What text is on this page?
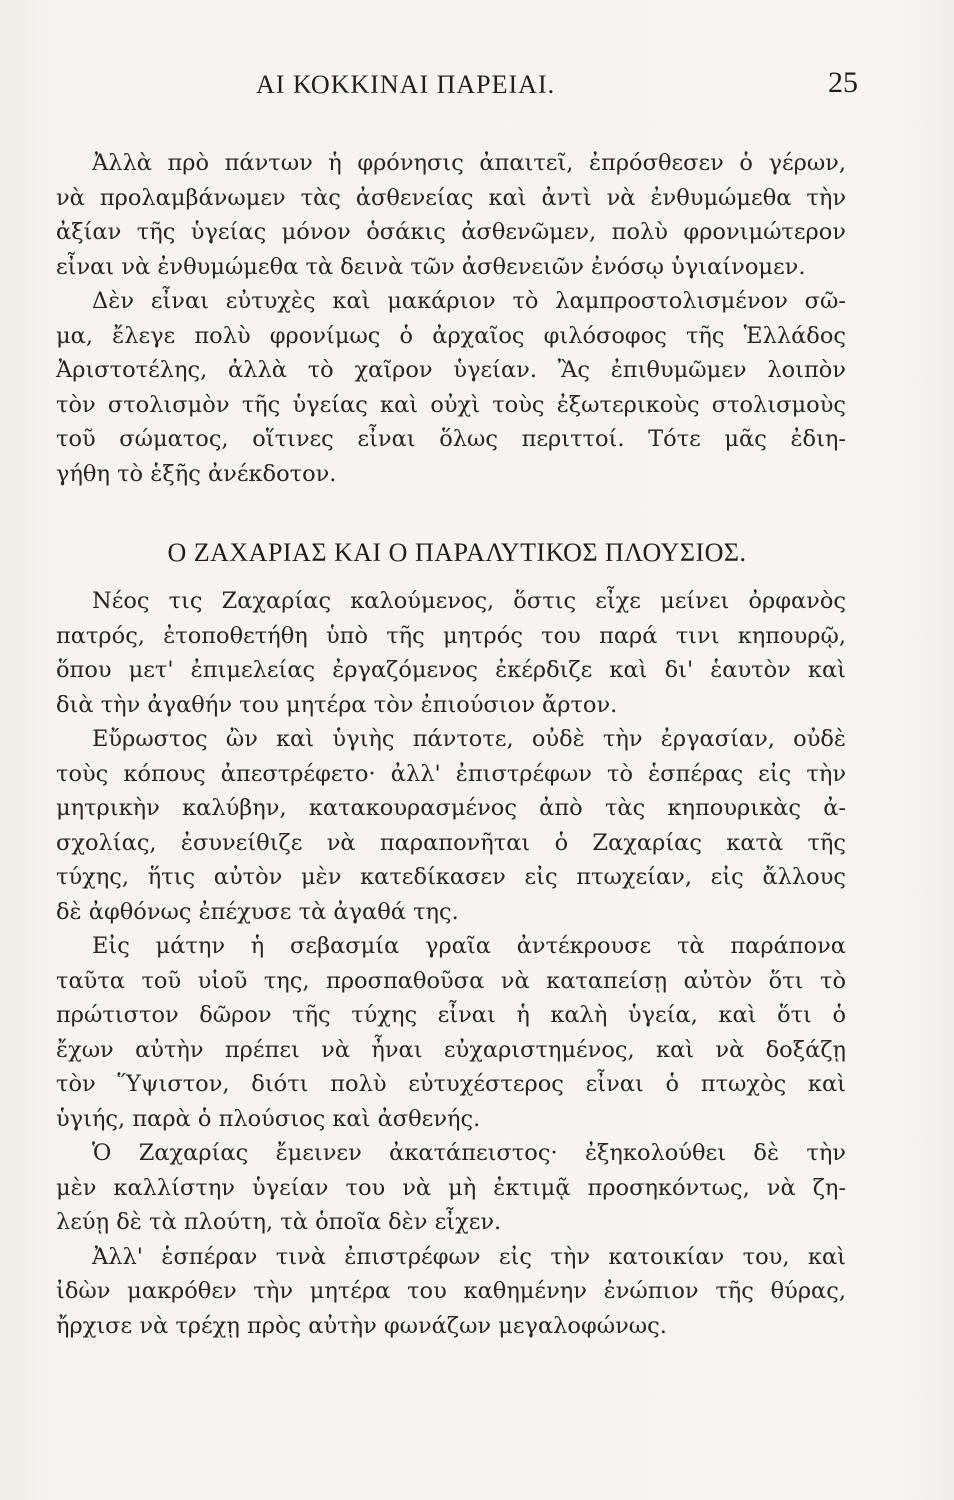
ΑΙ ΚΟΚΚΙΝΑΙ ΠΑΡΕΙΑΙ.	25
Ἀλλὰ πρὸ πάντων ἡ φρόνησις ἀπαιτεῖ, ἐπρόσθεσεν ὁ γέρων,
νὰ προλαμβάνωμεν τὰς ἀσθενείας καὶ ἀντὶ νὰ ἐνθυμώμεθα τὴν
ἀξίαν τῆς ὑγείας μόνον ὁσάκις ἀσθενῶμεν, πολὺ φρονιμώτερον
εἶναι νὰ ἐνθυμώμεθα τὰ δεινὰ τῶν ἀσθενειῶν ἐνόσῳ ὑγιαίνομεν.
Δὲν εἶναι εὐτυχὲς καὶ μακάριον τὸ λαμπροστολισμένον σῶ-
μα, ἔλεγε πολὺ φρονίμως ὁ ἀρχαῖος φιλόσοφος τῆς Ἑλλάδος
Ἀριστοτέλης, ἀλλὰ τὸ χαῖρον ὑγείαν. Ἂς ἐπιθυμῶμεν λοιπὸν
τὸν στολισμὸν τῆς ὑγείας καὶ οὐχὶ τοὺς ἐξωτερικοὺς στολισμοὺς
τοῦ σώματος, οἵτινες εἶναι ὅλως περιττοί. Τότε μᾶς ἐδιη-
γήθη τὸ ἑξῆς ἀνέκδοτον.
Ο ΖΑΧΑΡΙΑΣ ΚΑΙ Ο ΠΑΡΑΛΥΤΙΚΟΣ ΠΛΟΥΣΙΟΣ.
Νέος τις Ζαχαρίας καλούμενος, ὅστις εἶχε μείνει ὀρφανὸς
πατρός, ἐτοποθετήθη ὑπὸ τῆς μητρός του παρά τινι κηπουρῷ,
ὅπου μετ' ἐπιμελείας ἐργαζόμενος ἐκέρδιζε καὶ δι' ἑαυτὸν καὶ
διὰ τὴν ἀγαθήν του μητέρα τὸν ἐπιούσιον ἄρτον.
Εὔρωστος ὢν καὶ ὑγιὴς πάντοτε, οὐδὲ τὴν ἐργασίαν, οὐδὲ
τοὺς κόπους ἀπεστρέφετο· ἀλλ' ἐπιστρέφων τὸ ἑσπέρας εἰς τὴν
μητρικὴν καλύβην, κατακουρασμένος ἀπὸ τὰς κηπουρικὰς ἀ-
σχολίας, ἐσυνείθιζε νὰ παραπονῆται ὁ Ζαχαρίας κατὰ τῆς
τύχης, ἥτις αὐτὸν μὲν κατεδίκασεν εἰς πτωχείαν, εἰς ἄλλους
δὲ ἀφθόνως ἐπέχυσε τὰ ἀγαθά της.
Εἰς μάτην ἡ σεβασμία γραῖα ἀντέκρουσε τὰ παράπονα
ταῦτα τοῦ υἱοῦ της, προσπαθοῦσα νὰ καταπείσῃ αὐτὸν ὅτι τὸ
πρώτιστον δῶρον τῆς τύχης εἶναι ἡ καλὴ ὑγεία, καὶ ὅτι ὁ
ἔχων αὐτὴν πρέπει νὰ ἦναι εὐχαριστημένος, καὶ νὰ δοξάζῃ
τὸν Ὕψιστον, διότι πολὺ εὐτυχέστερος εἶναι ὁ πτωχὸς καὶ
ὑγιής, παρὰ ὁ πλούσιος καὶ ἀσθενής.
Ὁ Ζαχαρίας ἔμεινεν ἀκατάπειστος· ἐξηκολούθει δὲ τὴν
μὲν καλλίστην ὑγείαν του νὰ μὴ ἐκτιμᾷ προσηκόντως, νὰ ζη-
λεύῃ δὲ τὰ πλούτη, τὰ ὁποῖα δὲν εἶχεν.
Ἀλλ' ἑσπέραν τινὰ ἐπιστρέφων εἰς τὴν κατοικίαν του, καὶ
ἰδὼν μακρόθεν τὴν μητέρα του καθημένην ἐνώπιον τῆς θύρας,
ἤρχισε νὰ τρέχῃ πρὸς αὐτὴν φωνάζων μεγαλοφώνως.
